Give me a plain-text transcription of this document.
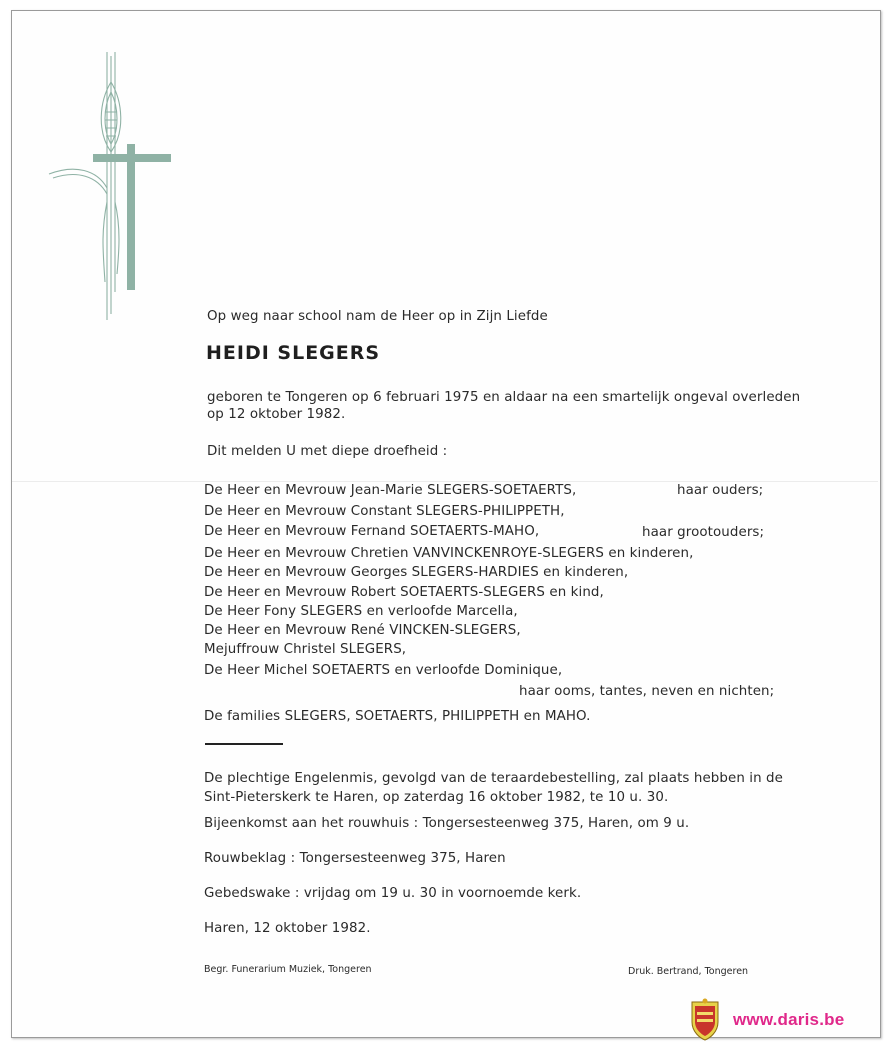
Op weg naar school nam de Heer op in Zijn Liefde
HEIDI SLEGERS
geboren te Tongeren op 6 februari 1975 en aldaar na een smartelijk ongeval overleden
op 12 oktober 1982.
Dit melden U met diepe droefheid :
De Heer en Mevrouw Jean-Marie SLEGERS-SOETAERTS,	haar ouders;
De Heer en Mevrouw Constant SLEGERS-PHILIPPETH,
De Heer en Mevrouw Fernand SOETAERTS-MAHO,	haar grootouders;
De Heer en Mevrouw Chretien VANVINCKENROYE-SLEGERS en kinderen,
De Heer en Mevrouw Georges SLEGERS-HARDIES en kinderen,
De Heer en Mevrouw Robert SOETAERTS-SLEGERS en kind,
De Heer Fony SLEGERS en verloofde Marcella,
De Heer en Mevrouw René VINCKEN-SLEGERS,
Mejuffrouw Christel SLEGERS,
De Heer Michel SOETAERTS en verloofde Dominique,
haar ooms, tantes, neven en nichten;
De families SLEGERS, SOETAERTS, PHILIPPETH en MAHO.
De plechtige Engelenmis, gevolgd van de teraardebestelling, zal plaats hebben in de
Sint-Pieterskerk te Haren, op zaterdag 16 oktober 1982, te 10 u. 30.
Bijeenkomst aan het rouwhuis : Tongersesteenweg 375, Haren, om 9 u.
Rouwbeklag : Tongersesteenweg 375, Haren
Gebedswake : vrijdag om 19 u. 30 in voornoemde kerk.
Haren, 12 oktober 1982.
Begr. Funerarium Muziek, Tongeren	Druk. Bertrand, Tongeren
www.daris.be
